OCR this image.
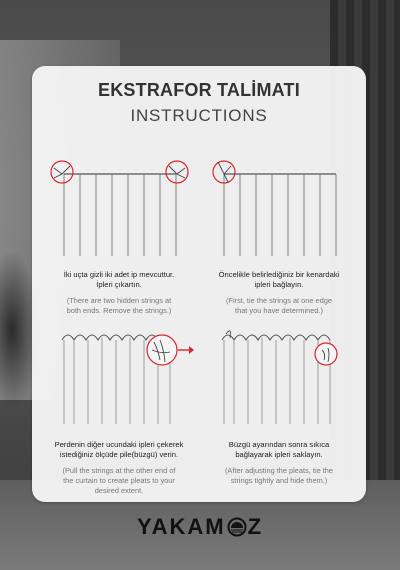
EKSTRAFOR TALİMATI
INSTRUCTIONS
İki uçta gizli iki adet ip mevcuttur.
İpleri çıkartın.
(There are two hidden strings at
both ends. Remove the strings.)
Öncelikle belirlediğiniz bir kenardaki
ipleri bağlayın.
(First, tie the strings at one edge
that you have determined.)
Perdenin diğer ucundaki ipleri çekerek
istediğiniz ölçüde pile(büzgü) verin.
(Pull the strings at the other end of
the curtain to create pleats to your
desired extent.
Büzgü ayarından sonra sıkıca
bağlayarak ipleri saklayın.
(After adjusting the pleats, tie the
strings tightly and hide them.)
YAKAM Z
